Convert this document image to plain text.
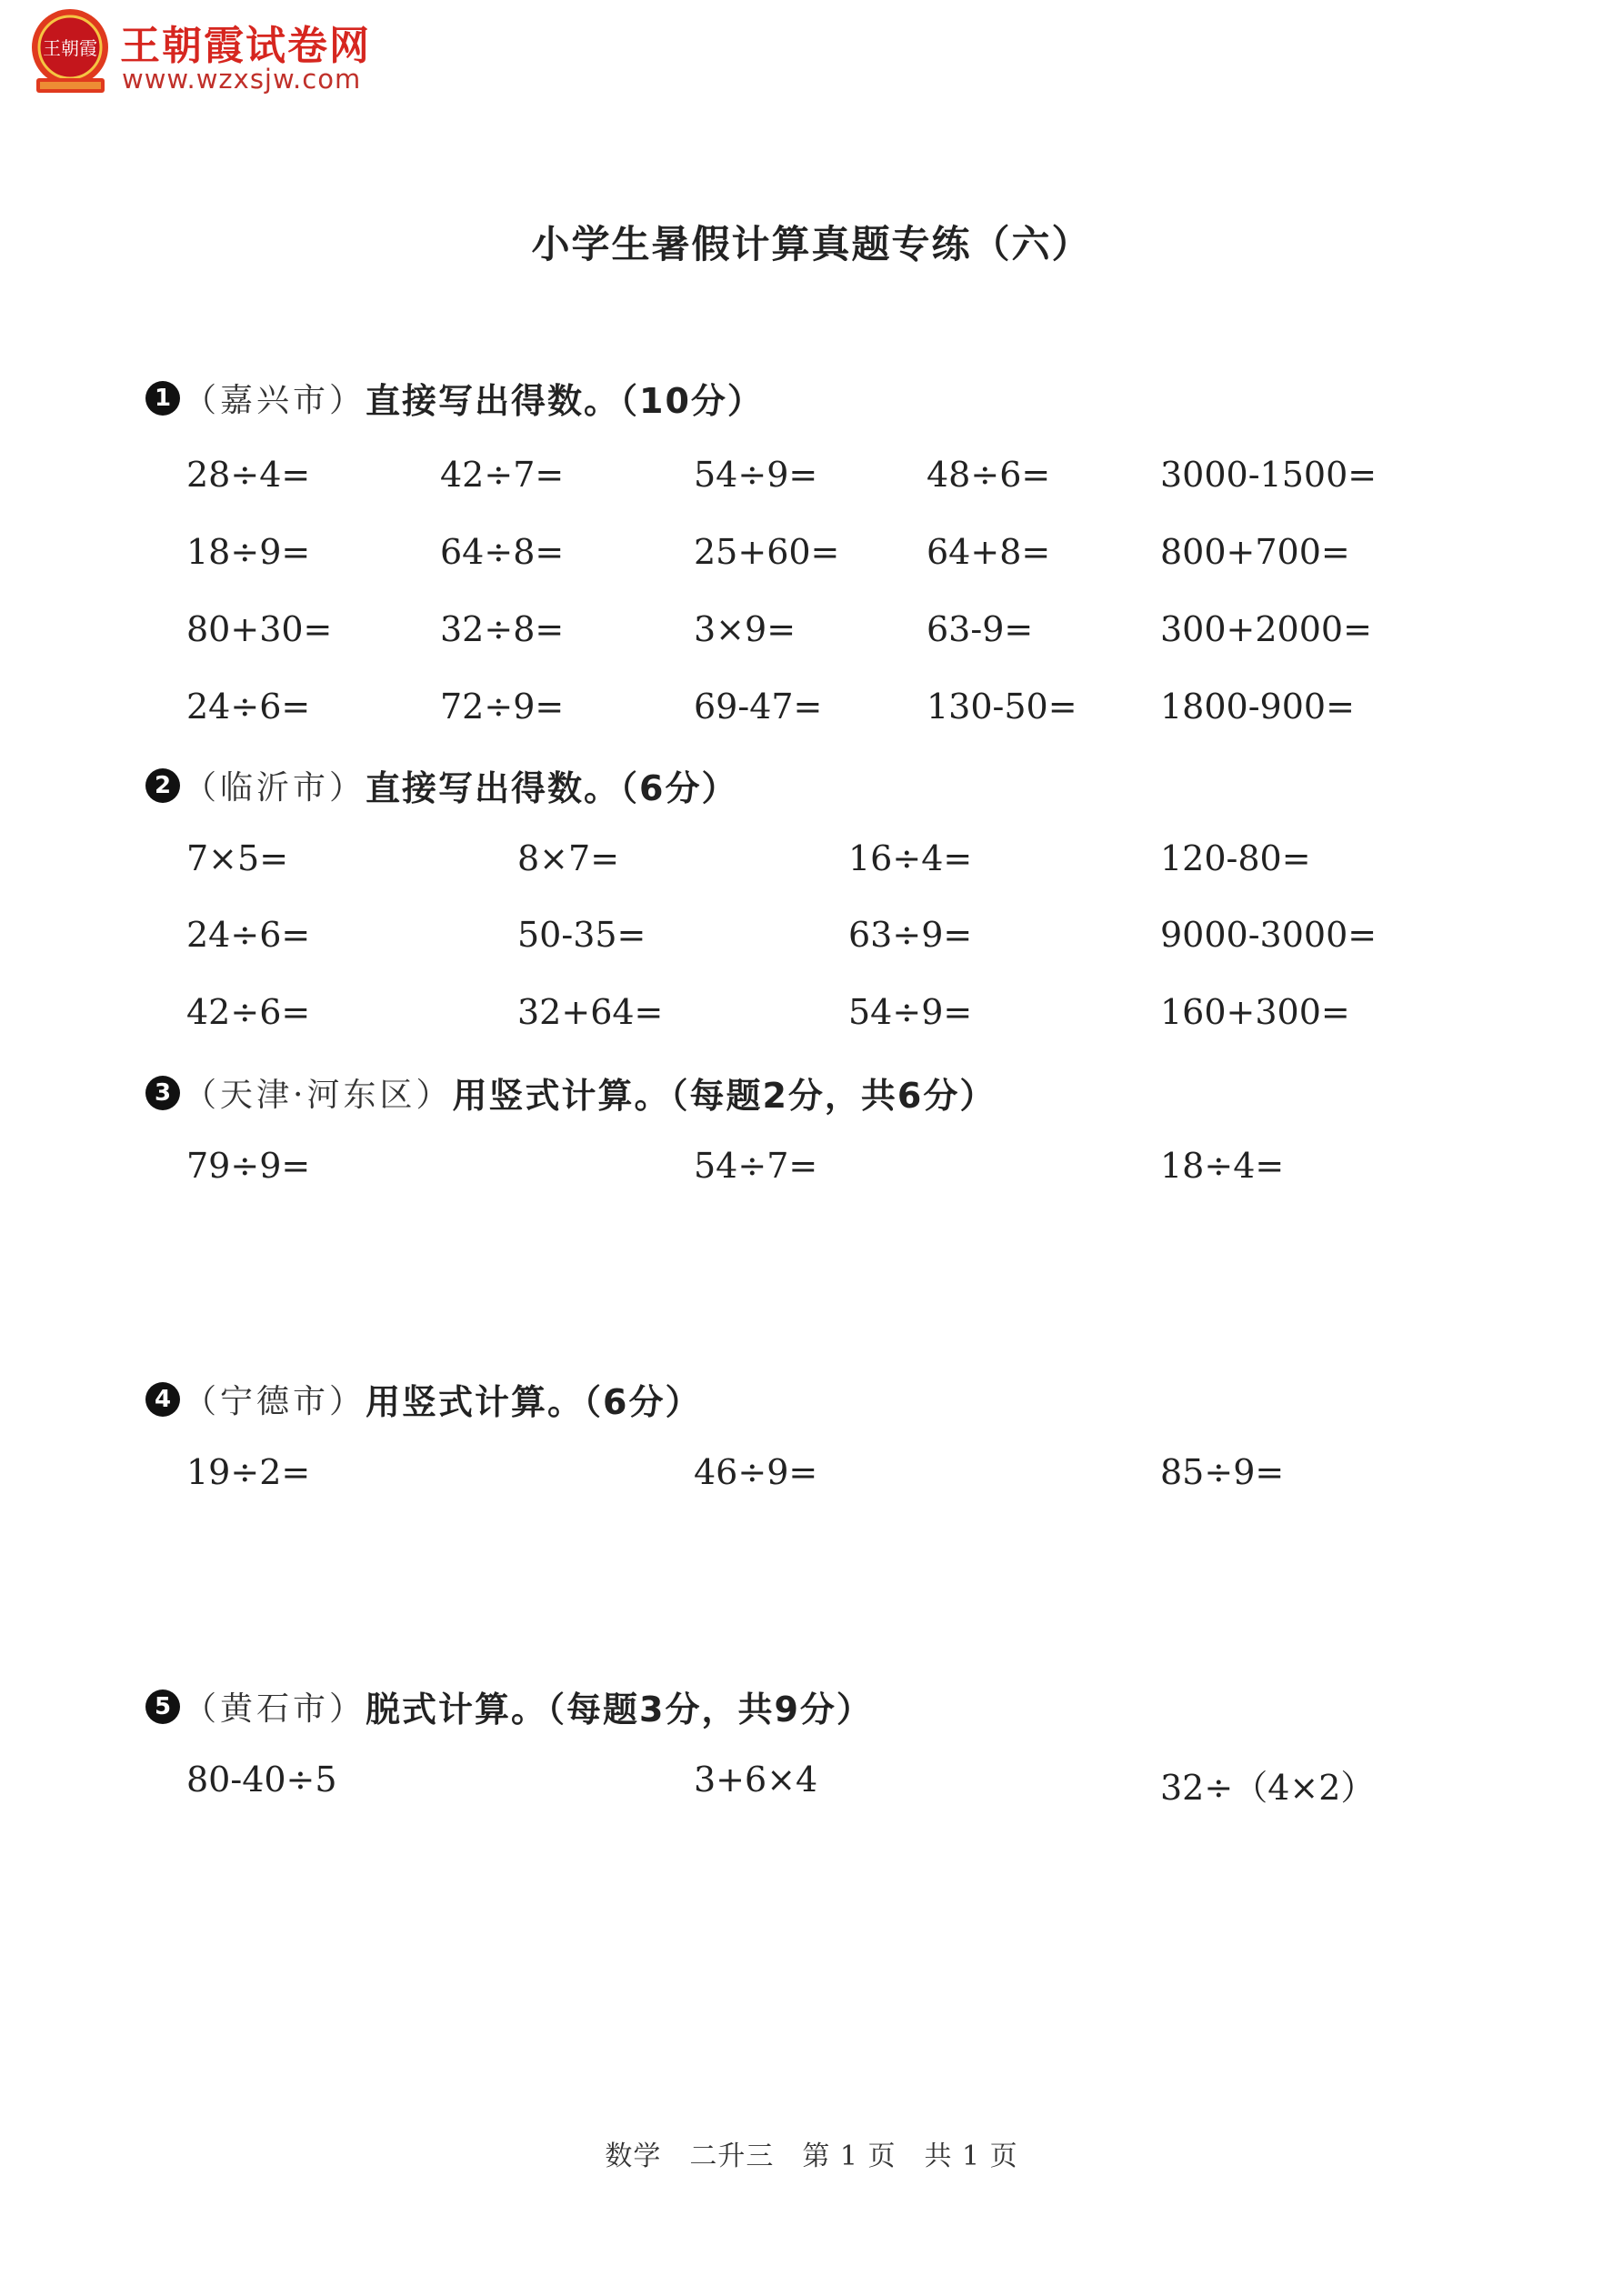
王朝霞 王朝霞试卷网
www.wzxsjw.com
小学生暑假计算真题专练（六）
1 （嘉兴市）直接写出得数。（10分）
28÷4=	42÷7=	54÷9=	48÷6=	3000-1500=
18÷9=	64÷8=	25+60=	64+8=	800+700=
80+30=	32÷8=	3×9=	63-9=	300+2000=
24÷6=	72÷9=	69-47=	130-50= 1800-900=
2 （临沂市）直接写出得数。（6分）
7×5=	8×7=	16÷4=	120-80=
24÷6=	50-35=	63÷9=	9000-3000=
42÷6=	32+64=	54÷9=	160+300=
3 （天津·河东区）用竖式计算。（每题2分，共6分）
79÷9=	54÷7=	18÷4=
4 （宁德市）用竖式计算。（6分）
19÷2=	46÷9=	85÷9=
5 （黄石市）脱式计算。（每题3分，共9分）
80-40÷5	3+6×4	32÷（4×2）
数学　二升三　第 1 页　共 1 页
